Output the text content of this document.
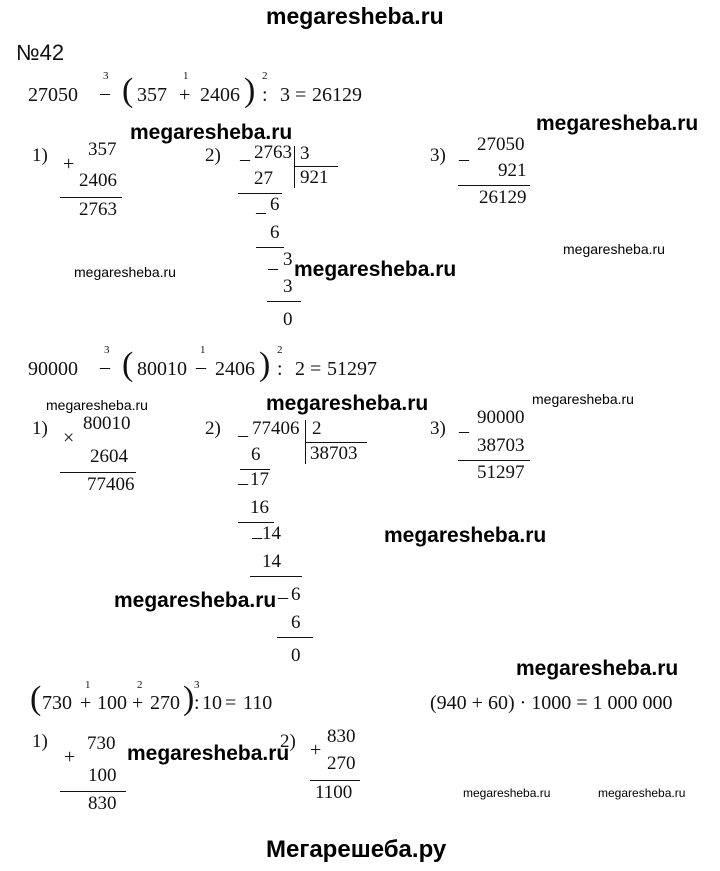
megaresheba.ru
№42
27050
3
– ( 357
1
+ 2406 ) 2
: 3 = 26129
megaresheba.ru	megaresheba.ru
1) +
357
2406
2763
2) – 2763 3
921
27
– 6
6
– 3
3
0
megaresheba.ru	megaresheba.ru
megaresheba.ru
3) –
27050
921
26129
90000
3
– ( 80010
1
– 2406 ) 2
: 2 = 51297
megaresheba.ru	megaresheba.ru	megaresheba.ru
1) ×
80010
2604
77406
2) – 77406 2
38703
6
– 17
16
– 14
14
– 6
6
0
megaresheba.ru
megaresheba.ru
3) –
90000
38703
51297
megaresheba.ru
( 730
1
+ 100
2
+ 270 ) 3
: 10 = 110	(940 + 60) · 1000 = 1 000 000
1)
+
730
100
830
megaresheba.ru
2) +
830
270
1100	megaresheba.ru	megaresheba.ru
Мегарешеба.ру
